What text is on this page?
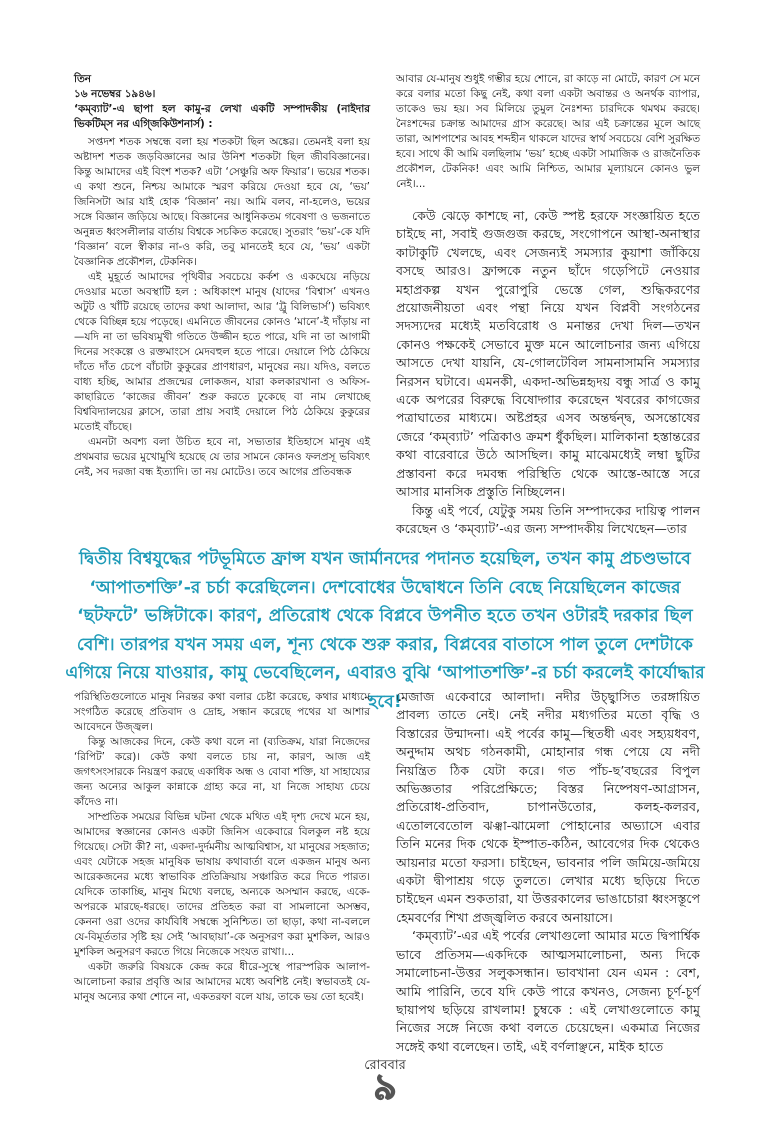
তিন

১৬ নভেম্বর ১৯৪৬।

‘কম্‌ব্যাট’-এ ছাপা হল কামু-র লেখা একটি সম্পাদকীয় (নাইদার ভিকটিম্‌স নর এগ্জিকিউশনার্স) :

সপ্তদশ শতক সম্বন্ধে বলা হয় শতকটা ছিল অঙ্কের। তেমনই বলা হয় অষ্টাদশ শতক জড়বিজ্ঞানের আর উনিশ শতকটা ছিল জীববিজ্ঞানের। কিন্তু আমাদের এই বিংশ শতক? এটা ‘সেঞ্চুরি অফ ফিয়ার’। ভয়ের শতক। এ কথা শুনে, নিশ্চয় আমাকে স্মরণ করিয়ে দেওয়া হবে যে, ‘ভয়’ জিনিসটা আর যাই হোক ‘বিজ্ঞান’ নয়। আমি বলব, না-হলেও, ভয়ের সঙ্গে বিজ্ঞান জড়িয়ে আছে। বিজ্ঞানের আধুনিকতম গবেষণা ও ভজনাতে অনুন্নত ধ্বংসলীলার বার্তায় বিশ্বকে সচকিত করেছে। সুতরাং ‘ভয়’-কে যদি ‘বিজ্ঞান’ বলে স্বীকার না-ও করি, তবু মানতেই হবে যে, ‘ভয়’ একটা বৈজ্ঞানিক প্রকৌশল, টেকনিক।

এই মুহূর্তে আমাদের পৃথিবীর সবচেয়ে কর্কশ ও একঘেয়ে নড়িয়ে দেওয়ার মতো অবস্থাটি হল : অধিকাংশ মানুষ (যাদের ‘বিশ্বাস’ এখনও অটুট ও খাঁটি রয়েছে তাদের কথা আলাদা, আর ‘ট্রু বিলিভার্স’) ভবিষ্যৎ থেকে বিচ্ছিন্ন হয়ে পড়েছে। এমনিতে জীবনের কোনও ‘মানে’-ই দাঁড়ায় না—যদি না তা ভবিষ্যমুখী গতিতে উজ্জীন হতে পারে, যদি না তা আগামী দিনের সংকল্পে ও রক্তমাংসে মেদবহুল হতে পারে। দেয়ালে পিঠ ঠেকিয়ে দাঁতে দাঁত চেপে বাঁচাটা কুকুরের প্রাণধারণ, মানুষের নয়। যদিও, বলতে বাধ্য হচ্ছি, আমার প্রজন্মের লোকজন, যারা কলকারখানা ও অফিস-কাছারিতে ‘কাজের জীবন’ শুরু করতে ঢুকেছে বা নাম লেখাচ্ছে বিশ্ববিদ্যালয়ের ক্লাসে, তারা প্রায় সবাই দেয়ালে পিঠ ঠেকিয়ে কুকুরের মতোই বাঁচছে।

এমনটা অবশ্য বলা উচিত হবে না, সভ্যতার ইতিহাসে মানুষ এই প্রথমবার ভয়ের মুখোমুখি হয়েছে যে তার সামনে কোনও ফলপ্রসূ ভবিষ্যৎ নেই, সব দরজা বন্ধ ইত্যাদি। তা নয় মোটেও। তবে আগের প্রতিবন্ধক

আবার যে-মানুষ শুধুই গম্ভীর হয়ে শোনে, রা কাড়ে না মোটে, কারণ সে মনে করে বলার মতো কিছু নেই, কথা বলা একটা অবান্তর ও অনর্থক ব্যাপার, তাকেও ভয় হয়। সব মিলিয়ে তুমুল নৈঃশব্দ্য চারদিকে থমথম করছে। নৈঃশব্দের চক্রান্ত আমাদের গ্রাস করেছে। আর এই চক্রান্তের মূলে আছে তারা, আশপাশের আবহ শব্দহীন থাকলে যাদের স্বার্থ সবচেয়ে বেশি সুরক্ষিত হবে। সাথে কী আমি বলছিলাম ‘ভয়’ হচ্ছে একটা সামাজিক ও রাজনৈতিক প্রকৌশল, টেকনিক! এবং আমি নিশ্চিত, আমার মূল্যায়নে কোনও ভুল নেই।...

কেউ ঝেড়ে কাশছে না, কেউ স্পষ্ট হরফে সংজ্ঞায়িত হতে চাইছে না, সবাই গুজগুজ করছে, সংগোপনে আস্থা-অনাস্থার কাটাকুটি খেলছে, এবং সেজন্যই সমস্যার কুয়াশা জাঁকিয়ে বসছে আরও। ফ্রান্সকে নতুন ছাঁদে গড়েপিটে নেওয়ার মহাপ্রকল্প যখন পুরোপুরি ভেস্তে গেল, শুদ্ধিকরণের প্রয়োজনীয়তা এবং পন্থা নিয়ে যখন বিপ্লবী সংগঠনের সদস্যদের মধ্যেই মতবিরোধ ও মনান্তর দেখা দিল—তখন কোনও পক্ষকেই সেভাবে মুক্ত মনে আলোচনার জন্য এগিয়ে আসতে দেখা যায়নি, যে-গোলটেবিল সামনাসামনি সমস্যার নিরসন ঘটাবে। এমনকী, একদা-অভিন্নহৃদয় বন্ধু সার্ত্র ও কামু একে অপরের বিরুদ্ধে বিষোদ্গার করেছেন খবরের কাগজের পত্রাঘাতের মাধ্যমে। অষ্টপ্রহর এসব অন্তর্দ্বন্দ্ব, অসন্তোষের জেরে ‘কম্‌ব্যাট’ পত্রিকাও ক্রমশ ধুঁকছিল। মালিকানা হস্তান্তরের কথা বারেবারে উঠে আসছিল। কামু মাঝেমধ্যেই লম্বা ছুটির প্রস্তাবনা করে দমবন্ধ পরিস্থিতি থেকে আস্তে-আস্তে সরে আসার মানসিক প্রস্তুতি নিচ্ছিলেন।

কিন্তু এই পর্বে, যেটুকু সময় তিনি সম্পাদকের দায়িত্ব পালন করেছেন ও ‘কম্‌ব্যাট’-এর জন্য সম্পাদকীয় লিখেছেন—তার

দ্বিতীয় বিশ্বযুদ্ধের পটভূমিতে ফ্রান্স যখন জার্মানদের পদানত হয়েছিল, তখন কামু প্রচণ্ডভাবে ‘আপাতশক্তি’-র চর্চা করেছিলেন। দেশবোধের উদ্বোধনে তিনি বেছে নিয়েছিলেন কাজের ‘ছটফটে’ ভঙ্গিটাকে। কারণ, প্রতিরোধ থেকে বিপ্লবে উপনীত হতে তখন ওটারই দরকার ছিল বেশি। তারপর যখন সময় এল, শূন্য থেকে শুরু করার, বিপ্লবের বাতাসে পাল তুলে দেশটাকে এগিয়ে নিয়ে যাওয়ার, কামু ভেবেছিলেন, এবারও বুঝি ‘আপাতশক্তি’-র চর্চা করলেই কার্যোদ্ধার হবে!

পরিস্থিতিগুলোতে মানুষ নিরন্তর কথা বলার চেষ্টা করেছে, কথার মাধ্যমে সংগঠিত করেছে প্রতিবাদ ও দ্রোহ, সন্ধান করেছে পথের যা আশার আবেদনে উজ্জ্বল।

কিন্তু আজকের দিনে, কেউ কথা বলে না (ব্যতিক্রম, যারা নিজেদের ‘রিপিট’ করে)। কেউ কথা বলতে চায় না, কারণ, আজ এই জগৎসংসারকে নিয়ন্ত্রণ করছে একাধিক অন্ধ ও বোবা শক্তি, যা সাহায্যের জন্য অন্যের আকুল কান্নাকে গ্রাহ্য করে না, যা নিজে সাহায্য চেয়ে কাঁদেও না।

সাম্প্রতিক সময়ের বিভিন্ন ঘটনা থেকে মথিত এই দৃশ্য দেখে মনে হয়, আমাদের স্বজ্ঞানের কোনও একটা জিনিস একেবারে বিলকুল নষ্ট হয়ে গিয়েছে। সেটা কী? না, একদা-দুর্দমনীয় আত্মবিশ্বাস, যা মানুষের সহজাত; এবং যেটাকে সহজ মানুষিক ভাষায় কথাবার্তা বলে একজন মানুষ অন্য আরেকজনের মধ্যে স্বাভাবিক প্রতিক্রিয়ায় সঞ্চারিত করে দিতে পারত। যেদিকে তাকাচ্ছি, মানুষ মিথ্যে বলছে, অন্যকে অসম্মান করছে, একে-অপরকে মারছে-ধরছে। তাদের প্রতিহত করা বা সামলানো অসম্ভব, কেননা ওরা ওদের কার্যবিধি সম্বন্ধে সুনিশ্চিত। তা ছাড়া, কথা না-বললে যে-বিমূর্ততার সৃষ্টি হয় সেই ‘আবছায়া’-কে অনুসরণ করা মুশকিল, আরও মুশকিল অনুসরণ করতে গিয়ে নিজেকে সংযত রাখা।...

একটা জরুরি বিষয়কে কেন্দ্র করে ধীরে-সুস্থে পারস্পরিক আলাপ-আলোচনা করার প্রবৃত্তি আর আমাদের মধ্যে অবশিষ্ট নেই। স্বভাবতই যে-মানুষ অন্যের কথা শোনে না, একতরফা বলে যায়, তাকে ভয় তো হবেই।

মেজাজ একেবারে আলাদা। নদীর উচ্ছ্বাসিত তরঙ্গায়িত প্রাবল্য তাতে নেই। নেই নদীর মধ্যগতির মতো বৃদ্ধি ও বিস্তারের উন্মাদনা। এই পর্বের কামু—স্থিতধী এবং সহ্যয়ধবণ, অনুদ্দাম অথচ গঠনকামী, মোহানার গন্ধ পেয়ে যে নদী নিয়ন্ত্রিত ঠিক যেটা করে। গত পাঁচ-ছ’বছরের বিপুল অভিজ্ঞতার পরিপ্রেক্ষিতে; বিস্তর নিষ্পেষণ-আগ্রাসন, প্রতিরোধ-প্রতিবাদ, চাপানউতোর, কলহ-কলরব, এতোলবেতোল ঝঞ্ঝা-ঝামেলা পোহানোর অভ্যাসে এবার তিনি মনের দিক থেকে ইস্পাত-কঠিন, আবেগের দিক থেকেও আয়নার মতো ফরসা। চাইছেন, ভাবনার পলি জমিয়ে-জমিয়ে একটা দ্বীপাশ্রয় গড়ে তুলতে। লেখার মধ্যে ছড়িয়ে দিতে চাইছেন এমন শুকতারা, যা উত্তরকালের ভাঙাচোরা ধ্বংসস্তূপে হেমবর্ণের শিখা প্রজ্জ্বলিত করবে অনায়াসে।

‘কম্‌ব্যাট’-এর এই পর্বের লেখাগুলো আমার মতে দ্বিপার্শ্বিক ভাবে প্রতিসম—একদিকে আত্মসমালোচনা, অন্য দিকে সমালোচনা-উত্তর সলুকসন্ধান। ভাবখানা যেন এমন : বেশ, আমি পারিনি, তবে যদি কেউ পারে কখনও, সেজন্য চূর্ণ-চূর্ণ ছায়াপথ ছড়িয়ে রাখলাম! চুম্বকে : এই লেখাগুলোতে কামু নিজের সঙ্গে নিজে কথা বলতে চেয়েছেন। একমাত্র নিজের সঙ্গেই কথা বলেছেন। তাই, এই বর্ণলাঞ্ছনে, মাইক হাতে

রোববার
৯
